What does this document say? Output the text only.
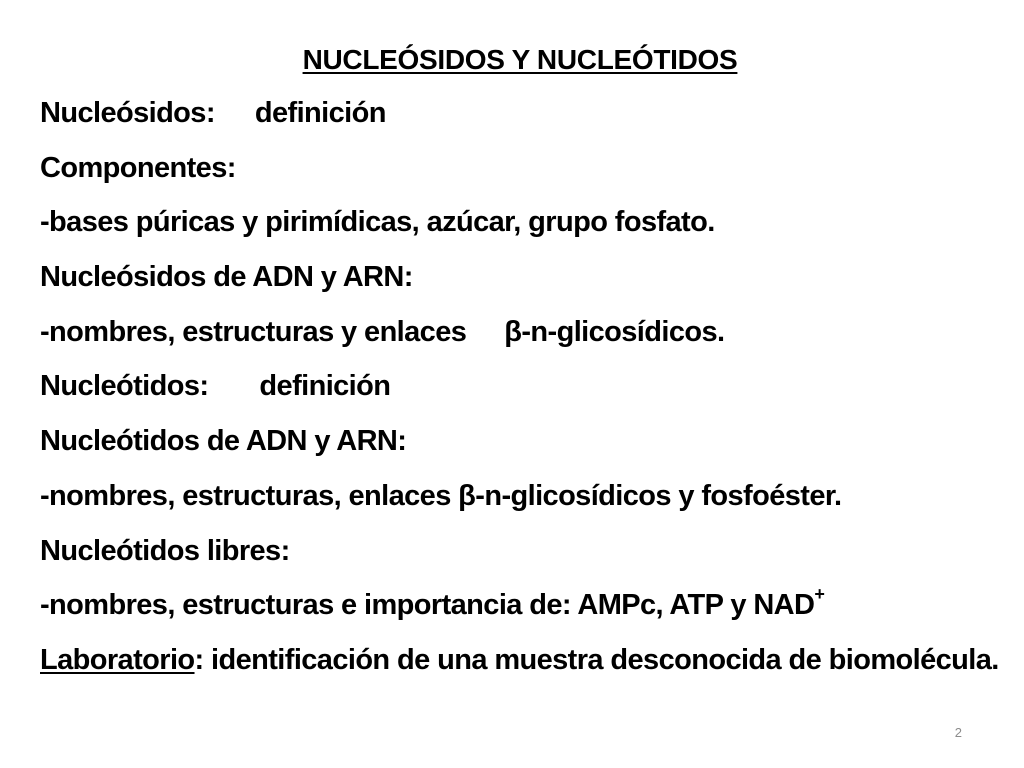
NUCLEÓSIDOS Y NUCLEÓTIDOS
Nucleósidos: definición
Componentes:
-bases púricas y pirimídicas, azúcar, grupo fosfato.
Nucleósidos de ADN y ARN:
-nombres, estructuras y enlaces β-n-glicosídicos.
Nucleótidos: definición
Nucleótidos de ADN y ARN:
-nombres, estructuras, enlaces β-n-glicosídicos y fosfoéster.
Nucleótidos libres:
-nombres, estructuras e importancia de: AMPc, ATP y NAD+
Laboratorio: identificación de una muestra desconocida de biomolécula.
2
